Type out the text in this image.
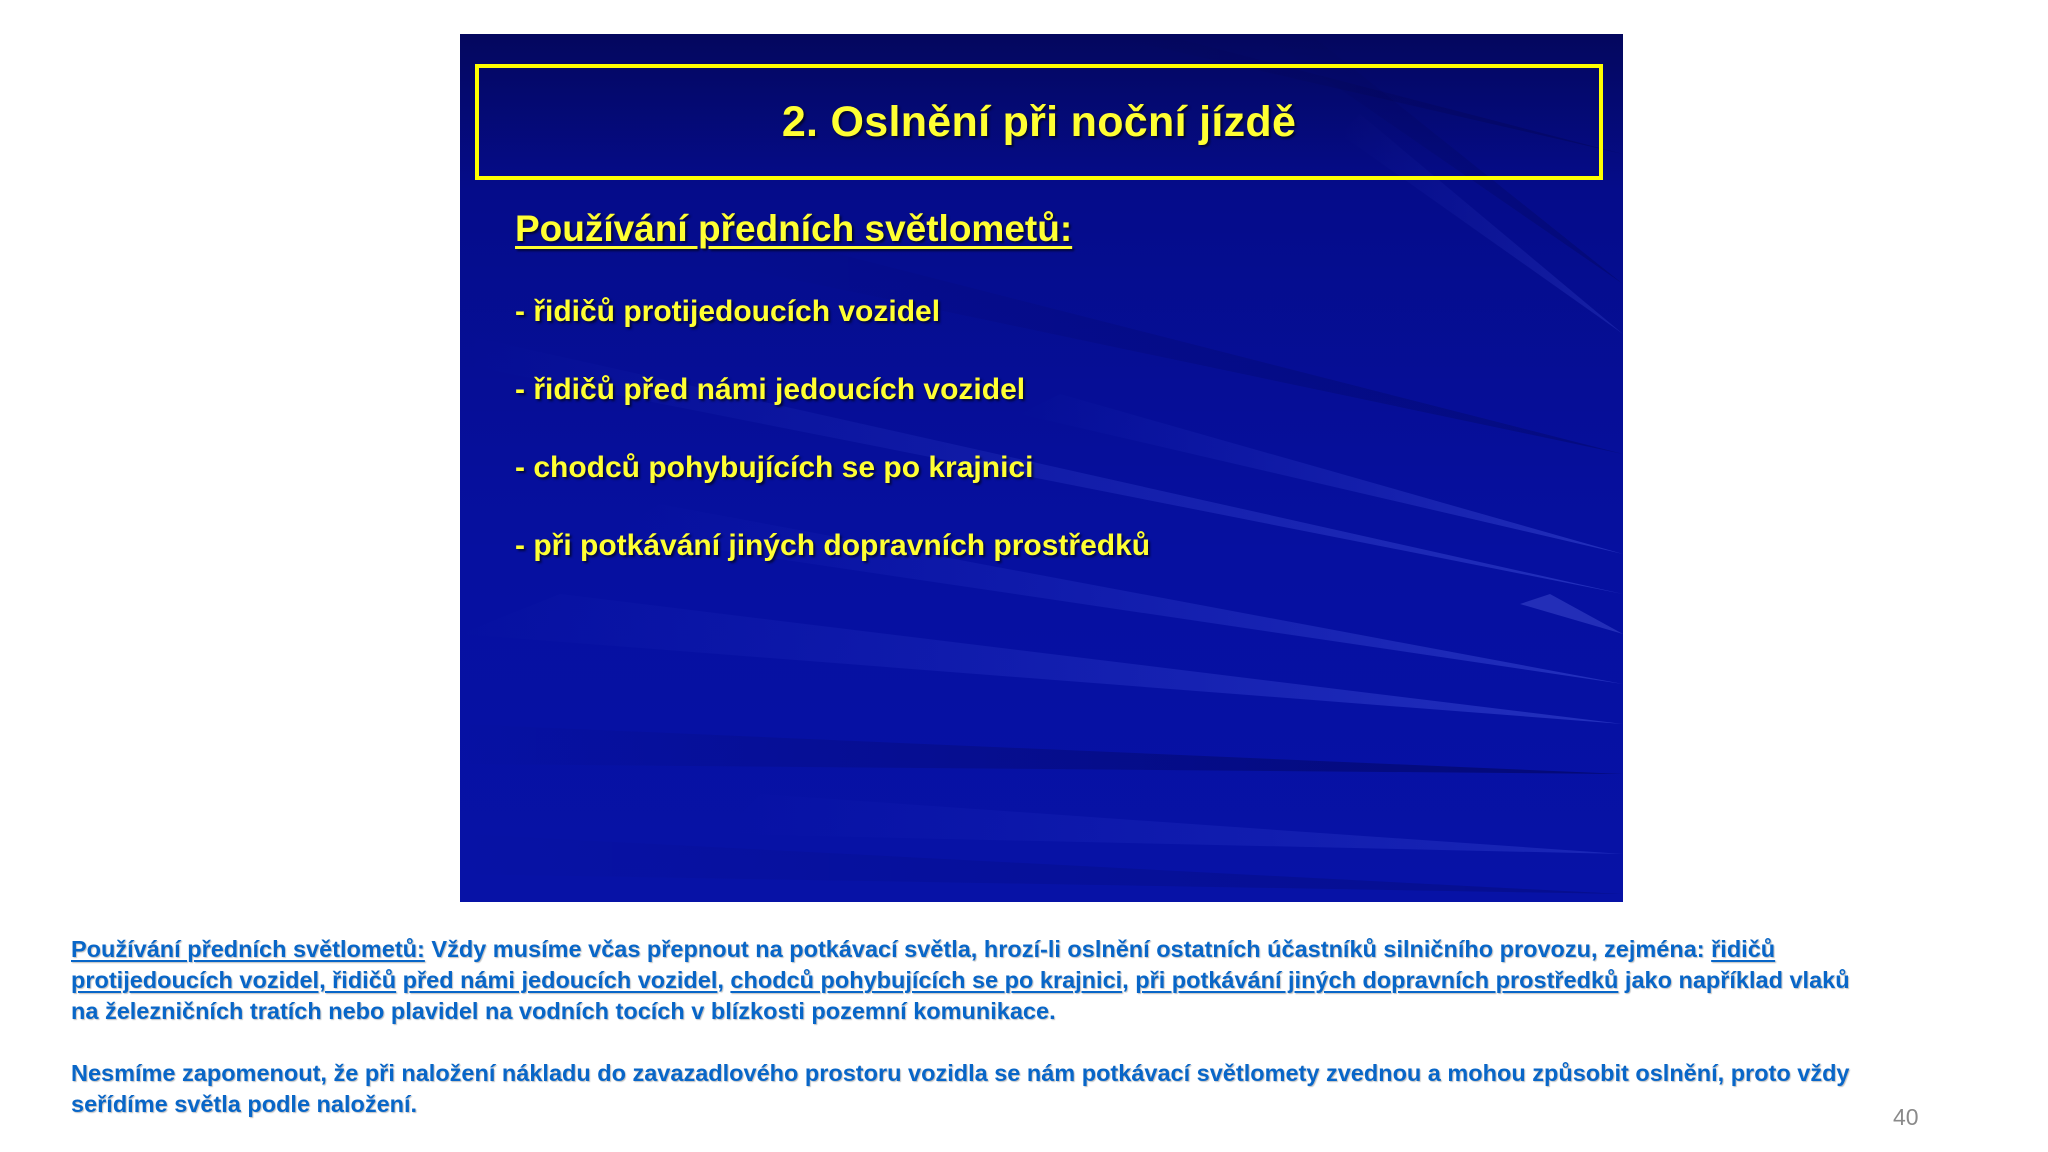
2. Oslnění při noční jízdě
Používání předních světlometů:
- řidičů protijedoucích vozidel
- řidičů před námi jedoucích vozidel
- chodců pohybujících se po krajnici
- při potkávání jiných dopravních prostředků

Používání předních světlometů: Vždy musíme včas přepnout na potkávací světla, hrozí-li oslnění ostatních účastníků silničního provozu, zejména: řidičů protijedoucích vozidel, řidičů před námi jedoucích vozidel, chodců pohybujících se po krajnici, při potkávání jiných dopravních prostředků jako například vlaků na železničních tratích nebo plavidel na vodních tocích v blízkosti pozemní komunikace.

Nesmíme zapomenout, že při naložení nákladu do zavazadlového prostoru vozidla se nám potkávací světlomety zvednou a mohou způsobit oslnění, proto vždy seřídíme světla podle naložení.	40
